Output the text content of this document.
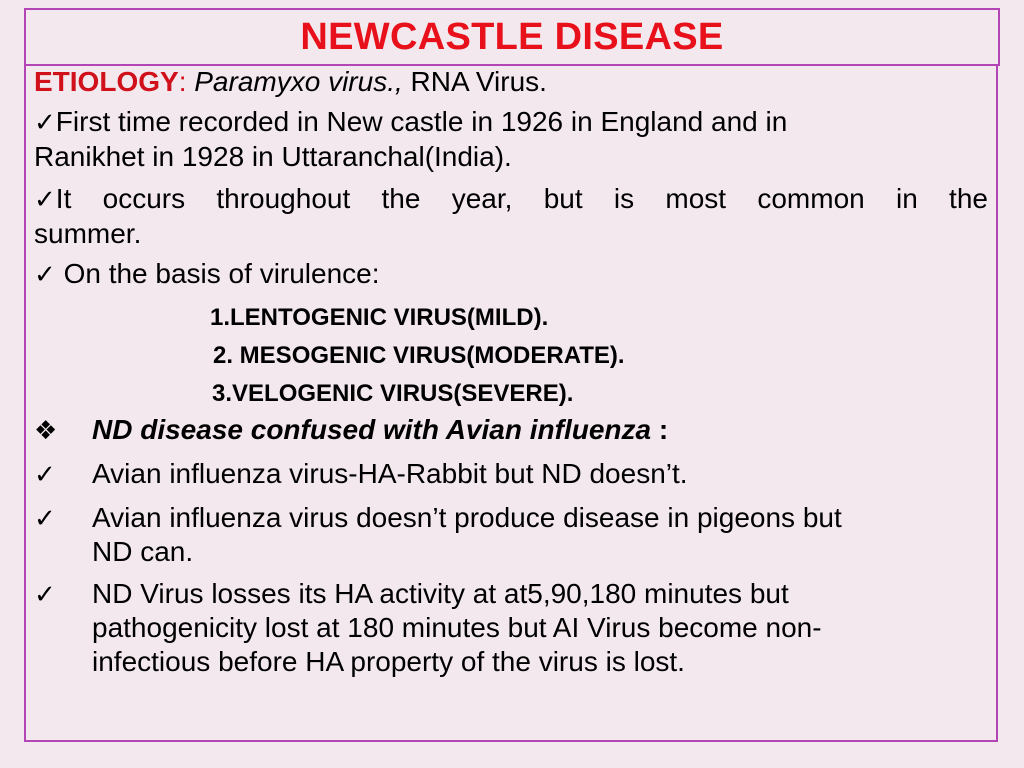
NEWCASTLE DISEASE
ETIOLOGY: Paramyxo virus., RNA Virus.
✓First time recorded in New castle in 1926 in England and in
Ranikhet in 1928 in Uttaranchal(India).
✓It occurs throughout the year, but is most common in the
summer.
✓ On the basis of virulence:
1.LENTOGENIC VIRUS(MILD).
2. MESOGENIC VIRUS(MODERATE).
3.VELOGENIC VIRUS(SEVERE).
❖	ND disease confused with Avian influenza :
✓	Avian influenza virus-HA-Rabbit but ND doesn’t.
✓	Avian influenza virus doesn’t produce disease in pigeons but
ND can.
✓	ND Virus losses its HA activity at at5,90,180 minutes but
pathogenicity lost at 180 minutes but AI Virus become non-
infectious before HA property of the virus is lost.
